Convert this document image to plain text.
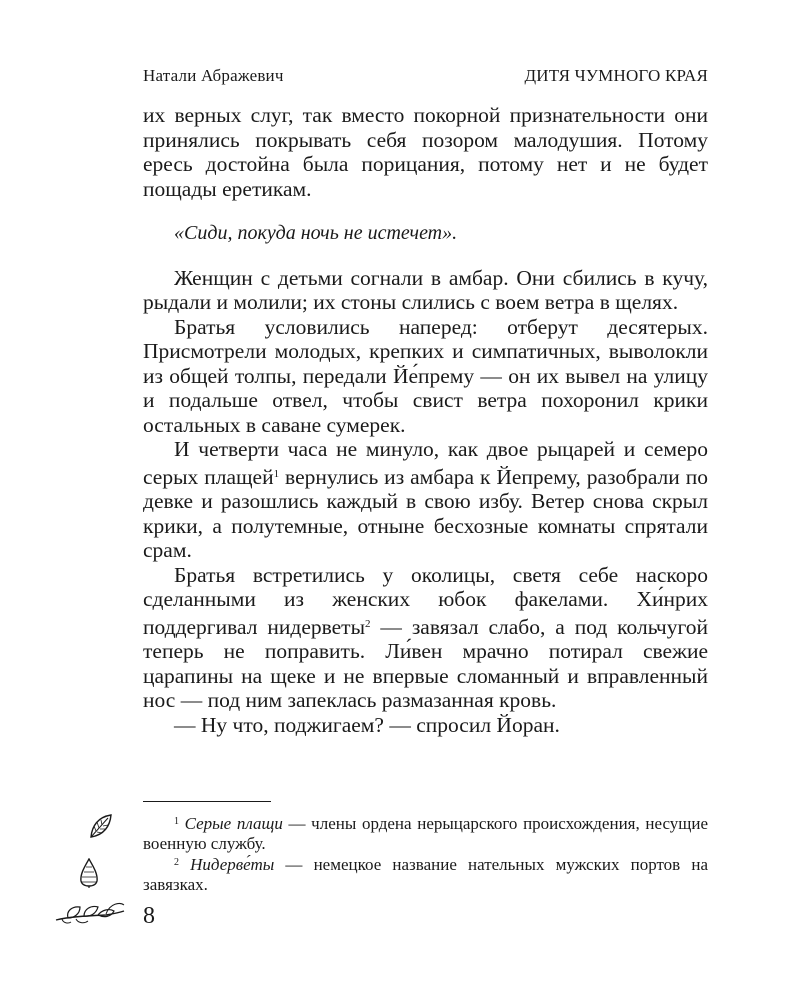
Натали Абражевич	ДИТЯ ЧУМНОГО КРАЯ

их верных слуг, так вместо покорной признательности они принялись покрывать себя позором малодушия. Потому ересь достойна была порицания, потому нет и не будет пощады еретикам.

«Сиди, покуда ночь не истечет».

Женщин с детьми согнали в амбар. Они сбились в кучу, рыдали и молили; их стоны слились с воем ветра в щелях.

Братья условились наперед: отберут десятерых. Присмотрели молодых, крепких и симпатичных, выволокли из общей толпы, передали Йе́прему — он их вывел на улицу и подальше отвел, чтобы свист ветра похоронил крики остальных в саване сумерек.

И четверти часа не минуло, как двое рыцарей и семеро серых плащей$^1$ вернулись из амбара к Йепрему, разобрали по девке и разошлись каждый в свою избу. Ветер снова скрыл крики, а полутемные, отныне бесхозные комнаты спрятали срам.

Братья встретились у околицы, светя себе наскоро сделанными из женских юбок факелами. Хи́нрих поддергивал нидерветы$^2$ — завязал слабо, а под кольчугой теперь не поправить. Ли́вен мрачно потирал свежие царапины на щеке и не впервые сломанный и вправленный нос — под ним запеклась размазанная кровь.

— Ну что, поджигаем? — спросил Йоран.

$^1$ Серые плащи — члены ордена нерыцарского происхождения, несущие военную службу.

$^2$ Нидерве́ты — немецкое название нательных мужских портов на завязках.

8
